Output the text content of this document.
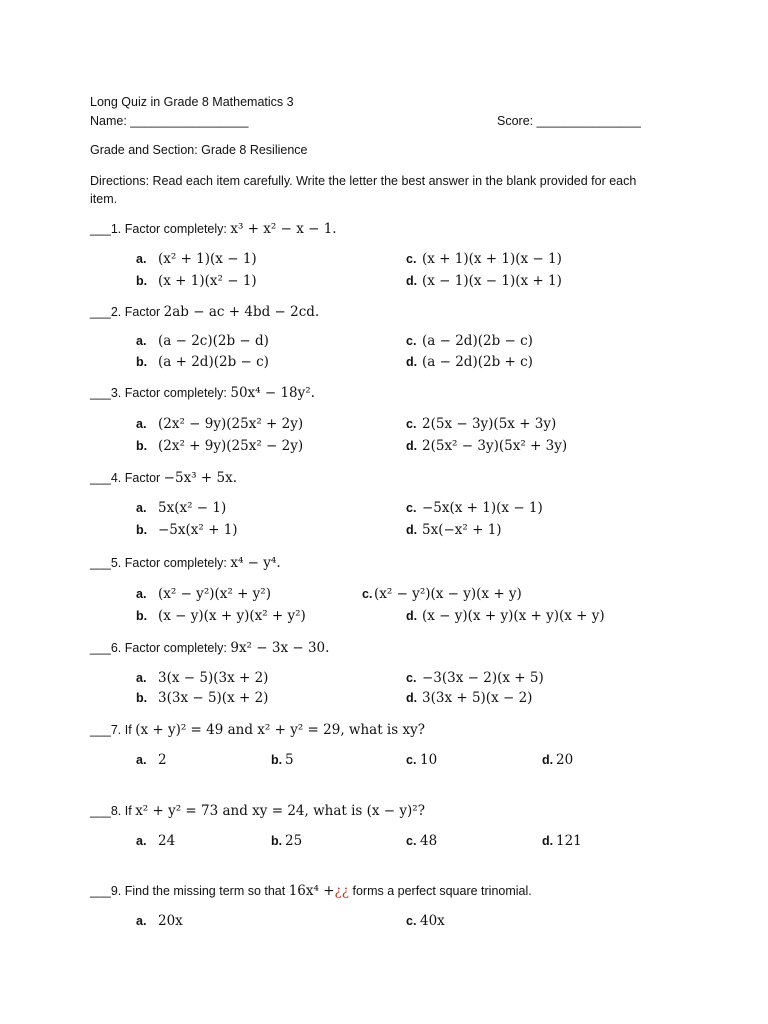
Long Quiz in Grade 8 Mathematics 3
Name: _________________	Score: _______________
Grade and Section: Grade 8 Resilience
Directions: Read each item carefully. Write the letter the best answer in the blank provided for each item.
___1. Factor completely: x³ + x² − x − 1.
a. (x² + 1)(x − 1)	c. (x + 1)(x + 1)(x − 1)
b. (x + 1)(x² − 1)	d. (x − 1)(x − 1)(x + 1)
___2. Factor 2ab − ac + 4bd − 2cd.
a. (a − 2c)(2b − d)	c. (a − 2d)(2b − c)
b. (a + 2d)(2b − c)	d. (a − 2d)(2b + c)
___3. Factor completely: 50x⁴ − 18y².
a. (2x² − 9y)(25x² + 2y)	c. 2(5x − 3y)(5x + 3y)
b. (2x² + 9y)(25x² − 2y)	d. 2(5x² − 3y)(5x² + 3y)
___4. Factor −5x³ + 5x.
a. 5x(x² − 1)	c. −5x(x + 1)(x − 1)
b. −5x(x² + 1)	d. 5x(−x² + 1)
___5. Factor completely: x⁴ − y⁴.
a. (x² − y²)(x² + y²)	c. (x² − y²)(x − y)(x + y)
b. (x − y)(x + y)(x² + y²)	d. (x − y)(x + y)(x + y)(x + y)
___6. Factor completely: 9x² − 3x − 30.
a. 3(x − 5)(3x + 2)	c. −3(3x − 2)(x + 5)
b. 3(3x − 5)(x + 2)	d. 3(3x + 5)(x − 2)
___7. If (x + y)² = 49 and x² + y² = 29, what is xy?
a. 2	b. 5	c. 10	d. 20
___8. If x² + y² = 73 and xy = 24, what is (x − y)²?
a. 24	b. 25	c. 48	d. 121
___9. Find the missing term so that 16x⁴ +¿¿ forms a perfect square trinomial.
a. 20x	c. 40x
